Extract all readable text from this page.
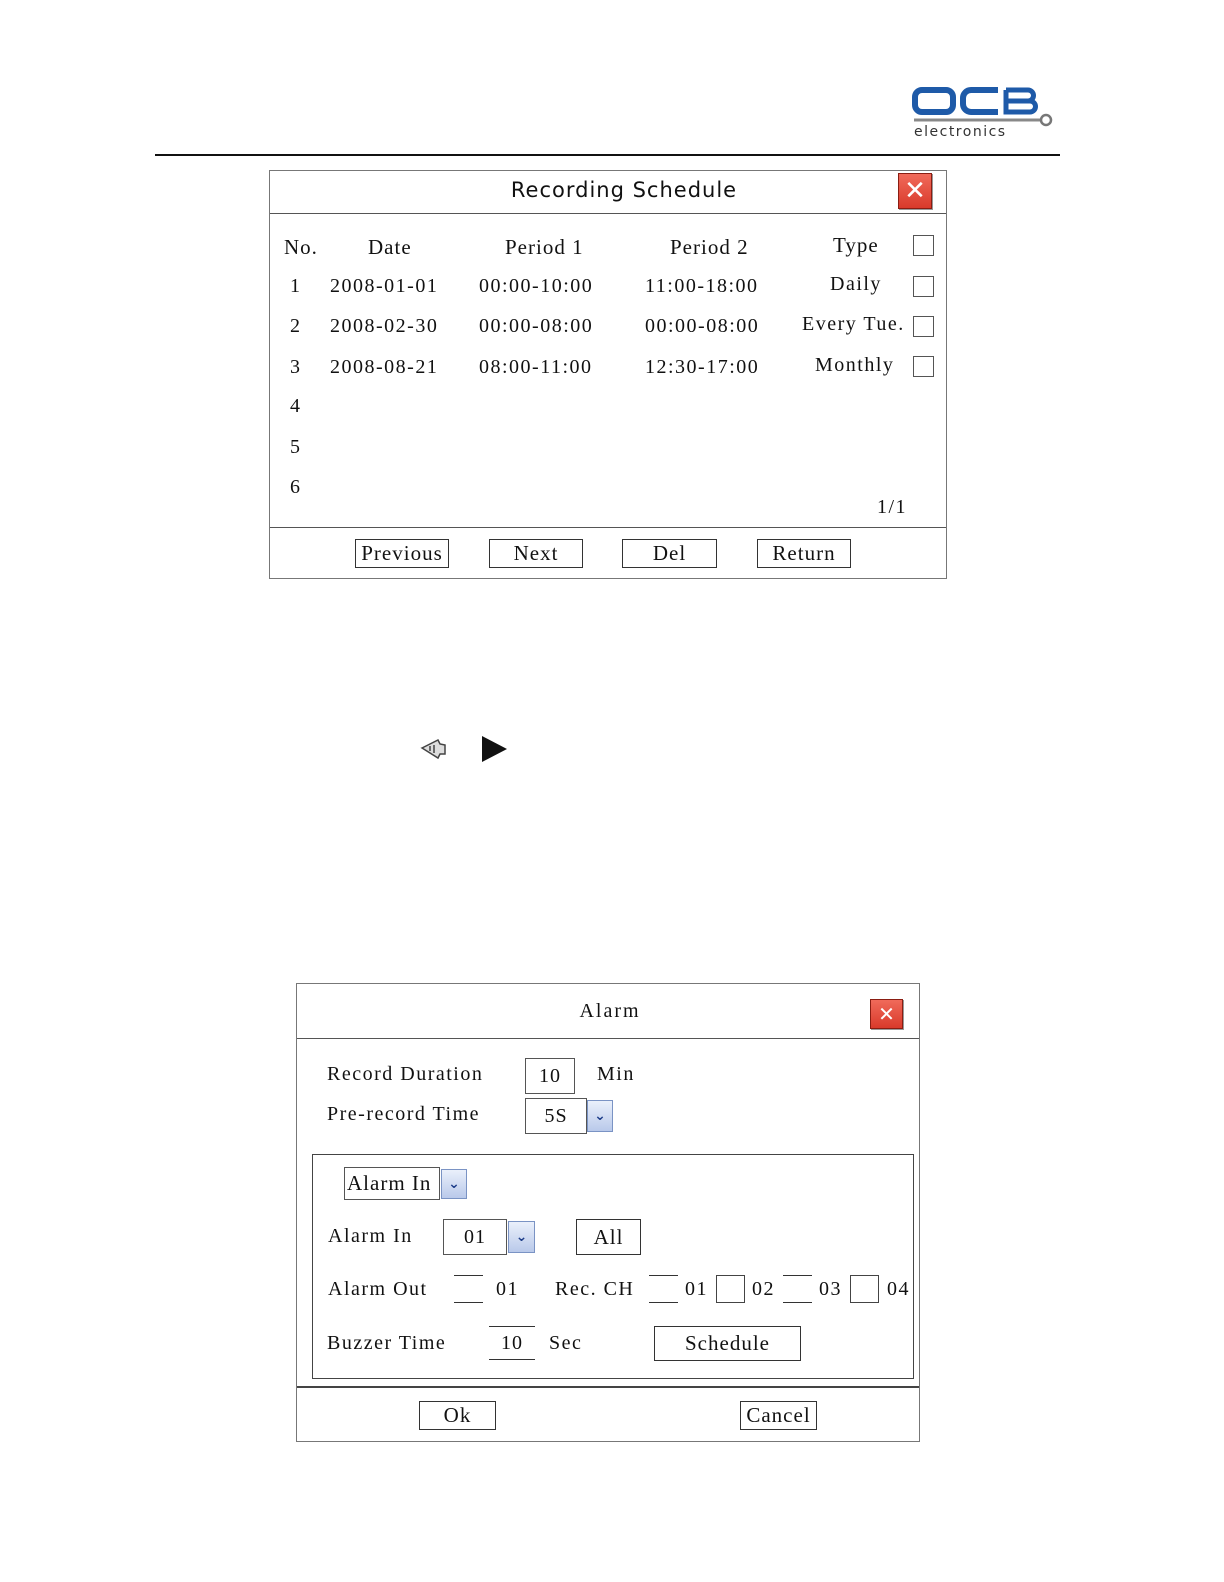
electronics
Recording Schedule	✕
No. Date	Period 1	Period 2	Type
1 2008-01-01 00:00-10:00	11:00-18:00	Daily
2 2008-02-30 00:00-08:00	00:00-08:00 Every Tue.
3 2008-08-21 08:00-11:00	12:30-17:00	Monthly
4
5
6
1/1
Previous	Next	Del	Return
Alarm	✕
Record Duration	10	Min
Pre-record Time	5S	⌄
Alarm In	⌄
Alarm In	01	⌄	All
Alarm Out	01 Rec. CH	01 02 03 04
Buzzer Time	10	Sec	Schedule
Ok	Cancel
